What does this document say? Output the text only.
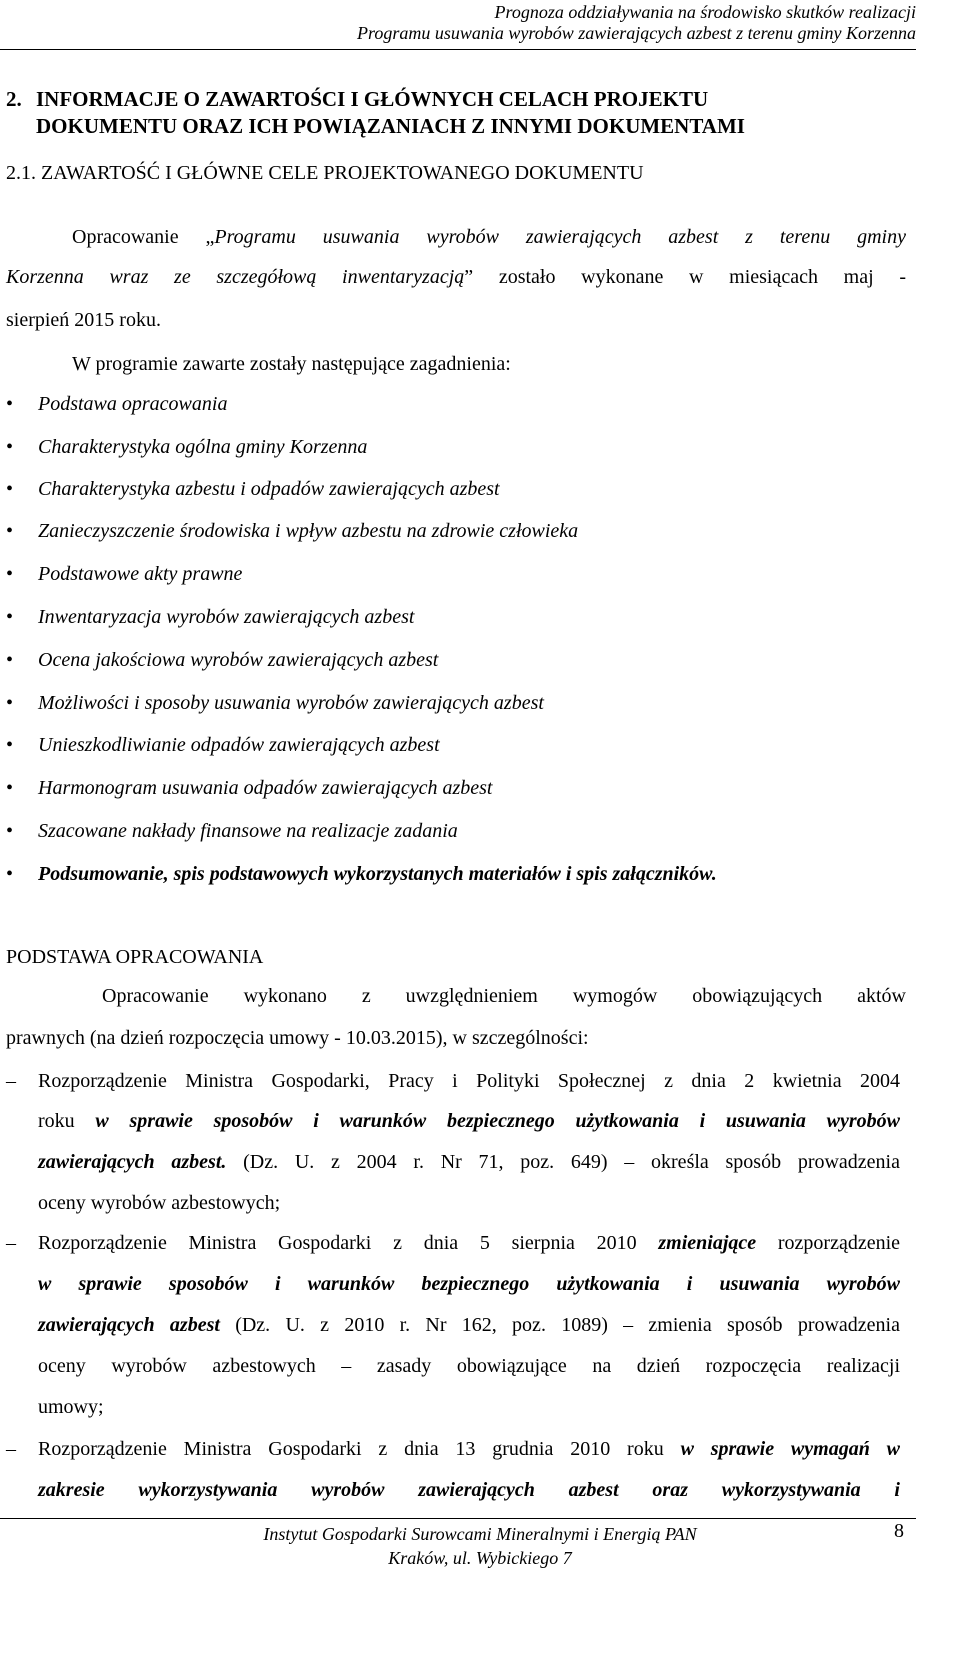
Prognoza oddziaływania na środowisko skutków realizacji
Programu usuwania wyrobów zawierających azbest z terenu gminy Korzenna
2. INFORMACJE O ZAWARTOŚCI I GŁÓWNYCH CELACH PROJEKTU
DOKUMENTU ORAZ ICH POWIĄZANIACH Z INNYMI DOKUMENTAMI
2.1. ZAWARTOŚĆ I GŁÓWNE CELE PROJEKTOWANEGO DOKUMENTU
Opracowanie „Programu usuwania wyrobów zawierających azbest z terenu gminy
Korzenna wraz ze szczegółową inwentaryzacją” zostało wykonane w miesiącach maj -
sierpień 2015 roku.
W programie zawarte zostały następujące zagadnienia:
• Podstawa opracowania
• Charakterystyka ogólna gminy Korzenna
• Charakterystyka azbestu i odpadów zawierających azbest
• Zanieczyszczenie środowiska i wpływ azbestu na zdrowie człowieka
• Podstawowe akty prawne
• Inwentaryzacja wyrobów zawierających azbest
• Ocena jakościowa wyrobów zawierających azbest
• Możliwości i sposoby usuwania wyrobów zawierających azbest
• Unieszkodliwianie odpadów zawierających azbest
• Harmonogram usuwania odpadów zawierających azbest
• Szacowane nakłady finansowe na realizacje zadania
• Podsumowanie, spis podstawowych wykorzystanych materiałów i spis załączników.
PODSTAWA OPRACOWANIA
Opracowanie wykonano z uwzględnieniem wymogów obowiązujących aktów
prawnych (na dzień rozpoczęcia umowy - 10.03.2015), w szczególności:
– Rozporządzenie Ministra Gospodarki, Pracy i Polityki Społecznej z dnia 2 kwietnia 2004
roku w sprawie sposobów i warunków bezpiecznego użytkowania i usuwania wyrobów
zawierających azbest. (Dz. U. z 2004 r. Nr 71, poz. 649) – określa sposób prowadzenia
oceny wyrobów azbestowych;
– Rozporządzenie Ministra Gospodarki z dnia 5 sierpnia 2010 zmieniające rozporządzenie
w sprawie sposobów i warunków bezpiecznego użytkowania i usuwania wyrobów
zawierających azbest (Dz. U. z 2010 r. Nr 162, poz. 1089) – zmienia sposób prowadzenia
oceny wyrobów azbestowych – zasady obowiązujące na dzień rozpoczęcia realizacji
umowy;
– Rozporządzenie Ministra Gospodarki z dnia 13 grudnia 2010 roku w sprawie wymagań w
zakresie wykorzystywania wyrobów zawierających azbest oraz wykorzystywania i
Instytut Gospodarki Surowcami Mineralnymi i Energią PAN
Kraków, ul. Wybickiego 7
8
